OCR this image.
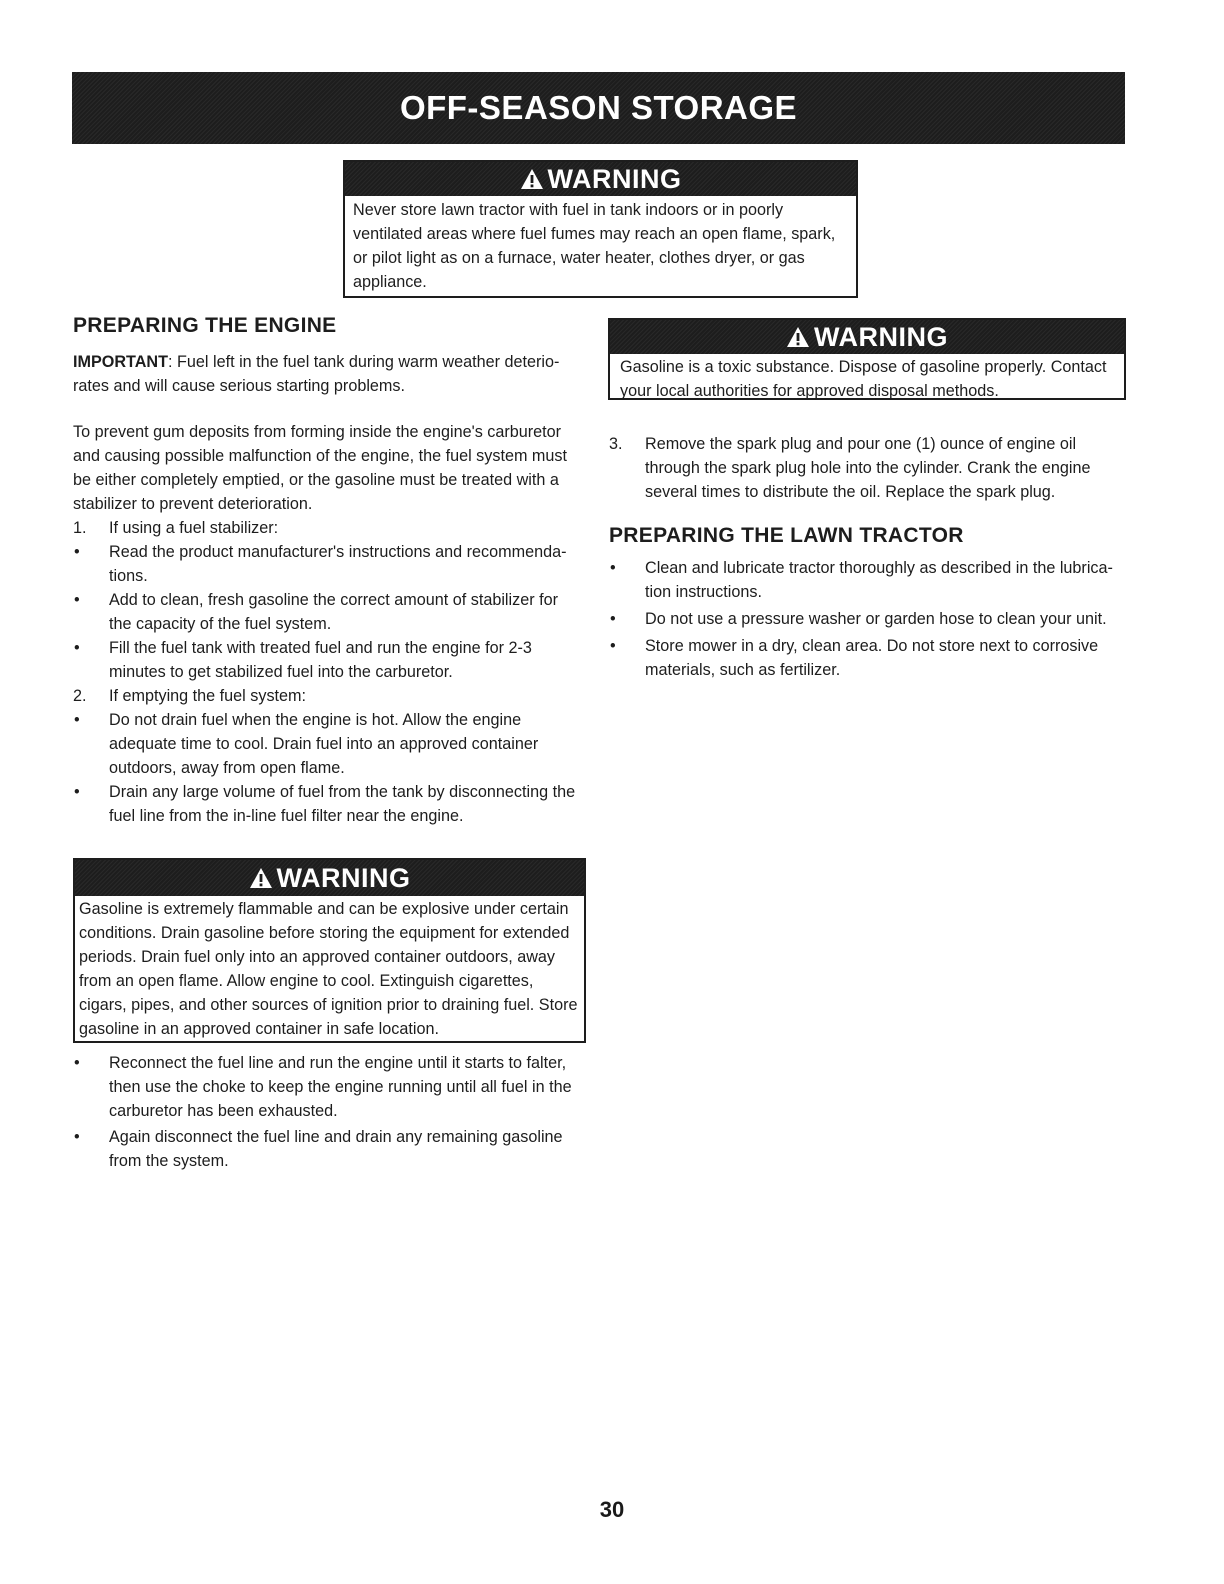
OFF-SEASON STORAGE
WARNING
Never store lawn tractor with fuel in tank indoors or in poorly ventilated areas where fuel fumes may reach an open flame, spark, or pilot light as on a furnace, water heater, clothes dryer, or gas appliance.
PREPARING THE ENGINE

IMPORTANT: Fuel left in the fuel tank during warm weather deterio-rates and will cause serious starting problems.

To prevent gum deposits from forming inside the engine's carburetor and causing possible malfunction of the engine, the fuel system must be either completely emptied, or the gasoline must be treated with a stabilizer to prevent deterioration.

1.	If using a fuel stabilizer:
• Read the product manufacturer's instructions and recommenda-tions.
• Add to clean, fresh gasoline the correct amount of stabilizer for the capacity of the fuel system.
• Fill the fuel tank with treated fuel and run the engine for 2-3 minutes to get stabilized fuel into the carburetor.
2.	If emptying the fuel system:
• Do not drain fuel when the engine is hot. Allow the engine adequate time to cool. Drain fuel into an approved container outdoors, away from open flame.
• Drain any large volume of fuel from the tank by disconnecting the fuel line from the in-line fuel filter near the engine.
WARNING
Gasoline is extremely flammable and can be explosive under certain conditions. Drain gasoline before storing the equipment for extended periods. Drain fuel only into an approved container outdoors, away from an open flame. Allow engine to cool. Extinguish cigarettes, cigars, pipes, and other sources of ignition prior to draining fuel. Store gasoline in an approved container in safe location.
• Reconnect the fuel line and run the engine until it starts to falter, then use the choke to keep the engine running until all fuel in the carburetor has been exhausted.
• Again disconnect the fuel line and drain any remaining gasoline from the system.
WARNING
Gasoline is a toxic substance. Dispose of gasoline properly. Contact your local authorities for approved disposal methods.
3.	Remove the spark plug and pour one (1) ounce of engine oil through the spark plug hole into the cylinder. Crank the engine several times to distribute the oil. Replace the spark plug.
PREPARING THE LAWN TRACTOR
• Clean and lubricate tractor thoroughly as described in the lubrica-tion instructions.
• Do not use a pressure washer or garden hose to clean your unit.
• Store mower in a dry, clean area. Do not store next to corrosive materials, such as fertilizer.
30
